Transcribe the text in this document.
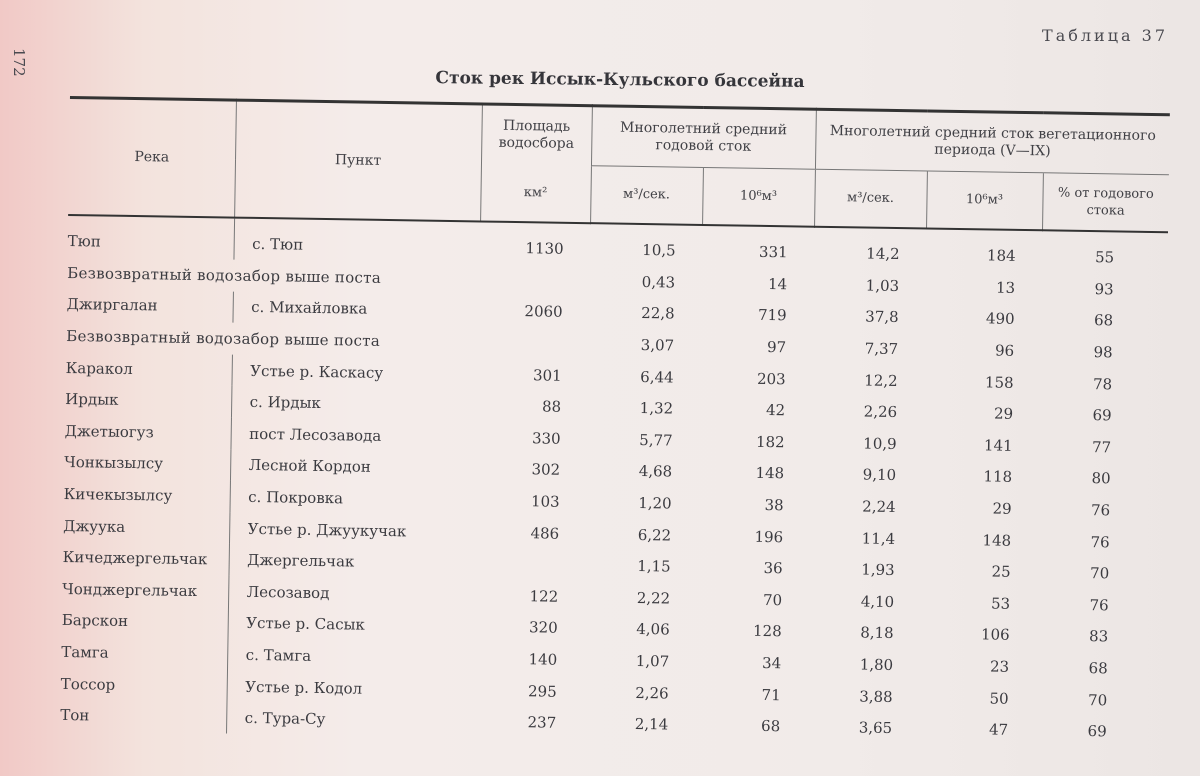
172
Таблица 37
Сток рек Иссык-Кульского бассейна
Река	Пункт	Площадь водосбора	Многолетний средний годовой сток		Многолетний средний сток вегетационного периода (V—IX)		
		км²	м³/сек.	10⁶м³	м³/сек.	10⁶м³	% от годового стока
Тюп	с. Тюп	1130	10,5	331	14,2	184	55
Безвозвратный водозабор выше поста			0,43	14	1,03	13	93
Джиргалан	с. Михайловка	2060	22,8	719	37,8	490	68
Безвозвратный водозабор выше поста			3,07	97	7,37	96	98
Каракол	Устье р. Каскасу	301	6,44	203	12,2	158	78
Ирдык	с. Ирдык	88	1,32	42	2,26	29	69
Джетыогуз	пост Лесозавода	330	5,77	182	10,9	141	77
Чонкызылсу	Лесной Кордон	302	4,68	148	9,10	118	80
Кичекызылсу	с. Покровка	103	1,20	38	2,24	29	76
Джуука	Устье р. Джуукучак	486	6,22	196	11,4	148	76
Кичеджергельчак	Джергельчак		1,15	36	1,93	25	70
Чонджергельчак	Лесозавод	122	2,22	70	4,10	53	76
Барскон	Устье р. Сасык	320	4,06	128	8,18	106	83
Тамга	с. Тамга	140	1,07	34	1,80	23	68
Тоссор	Устье р. Кодол	295	2,26	71	3,88	50	70
Тон	с. Тура-Су	237	2,14	68	3,65	47	69
